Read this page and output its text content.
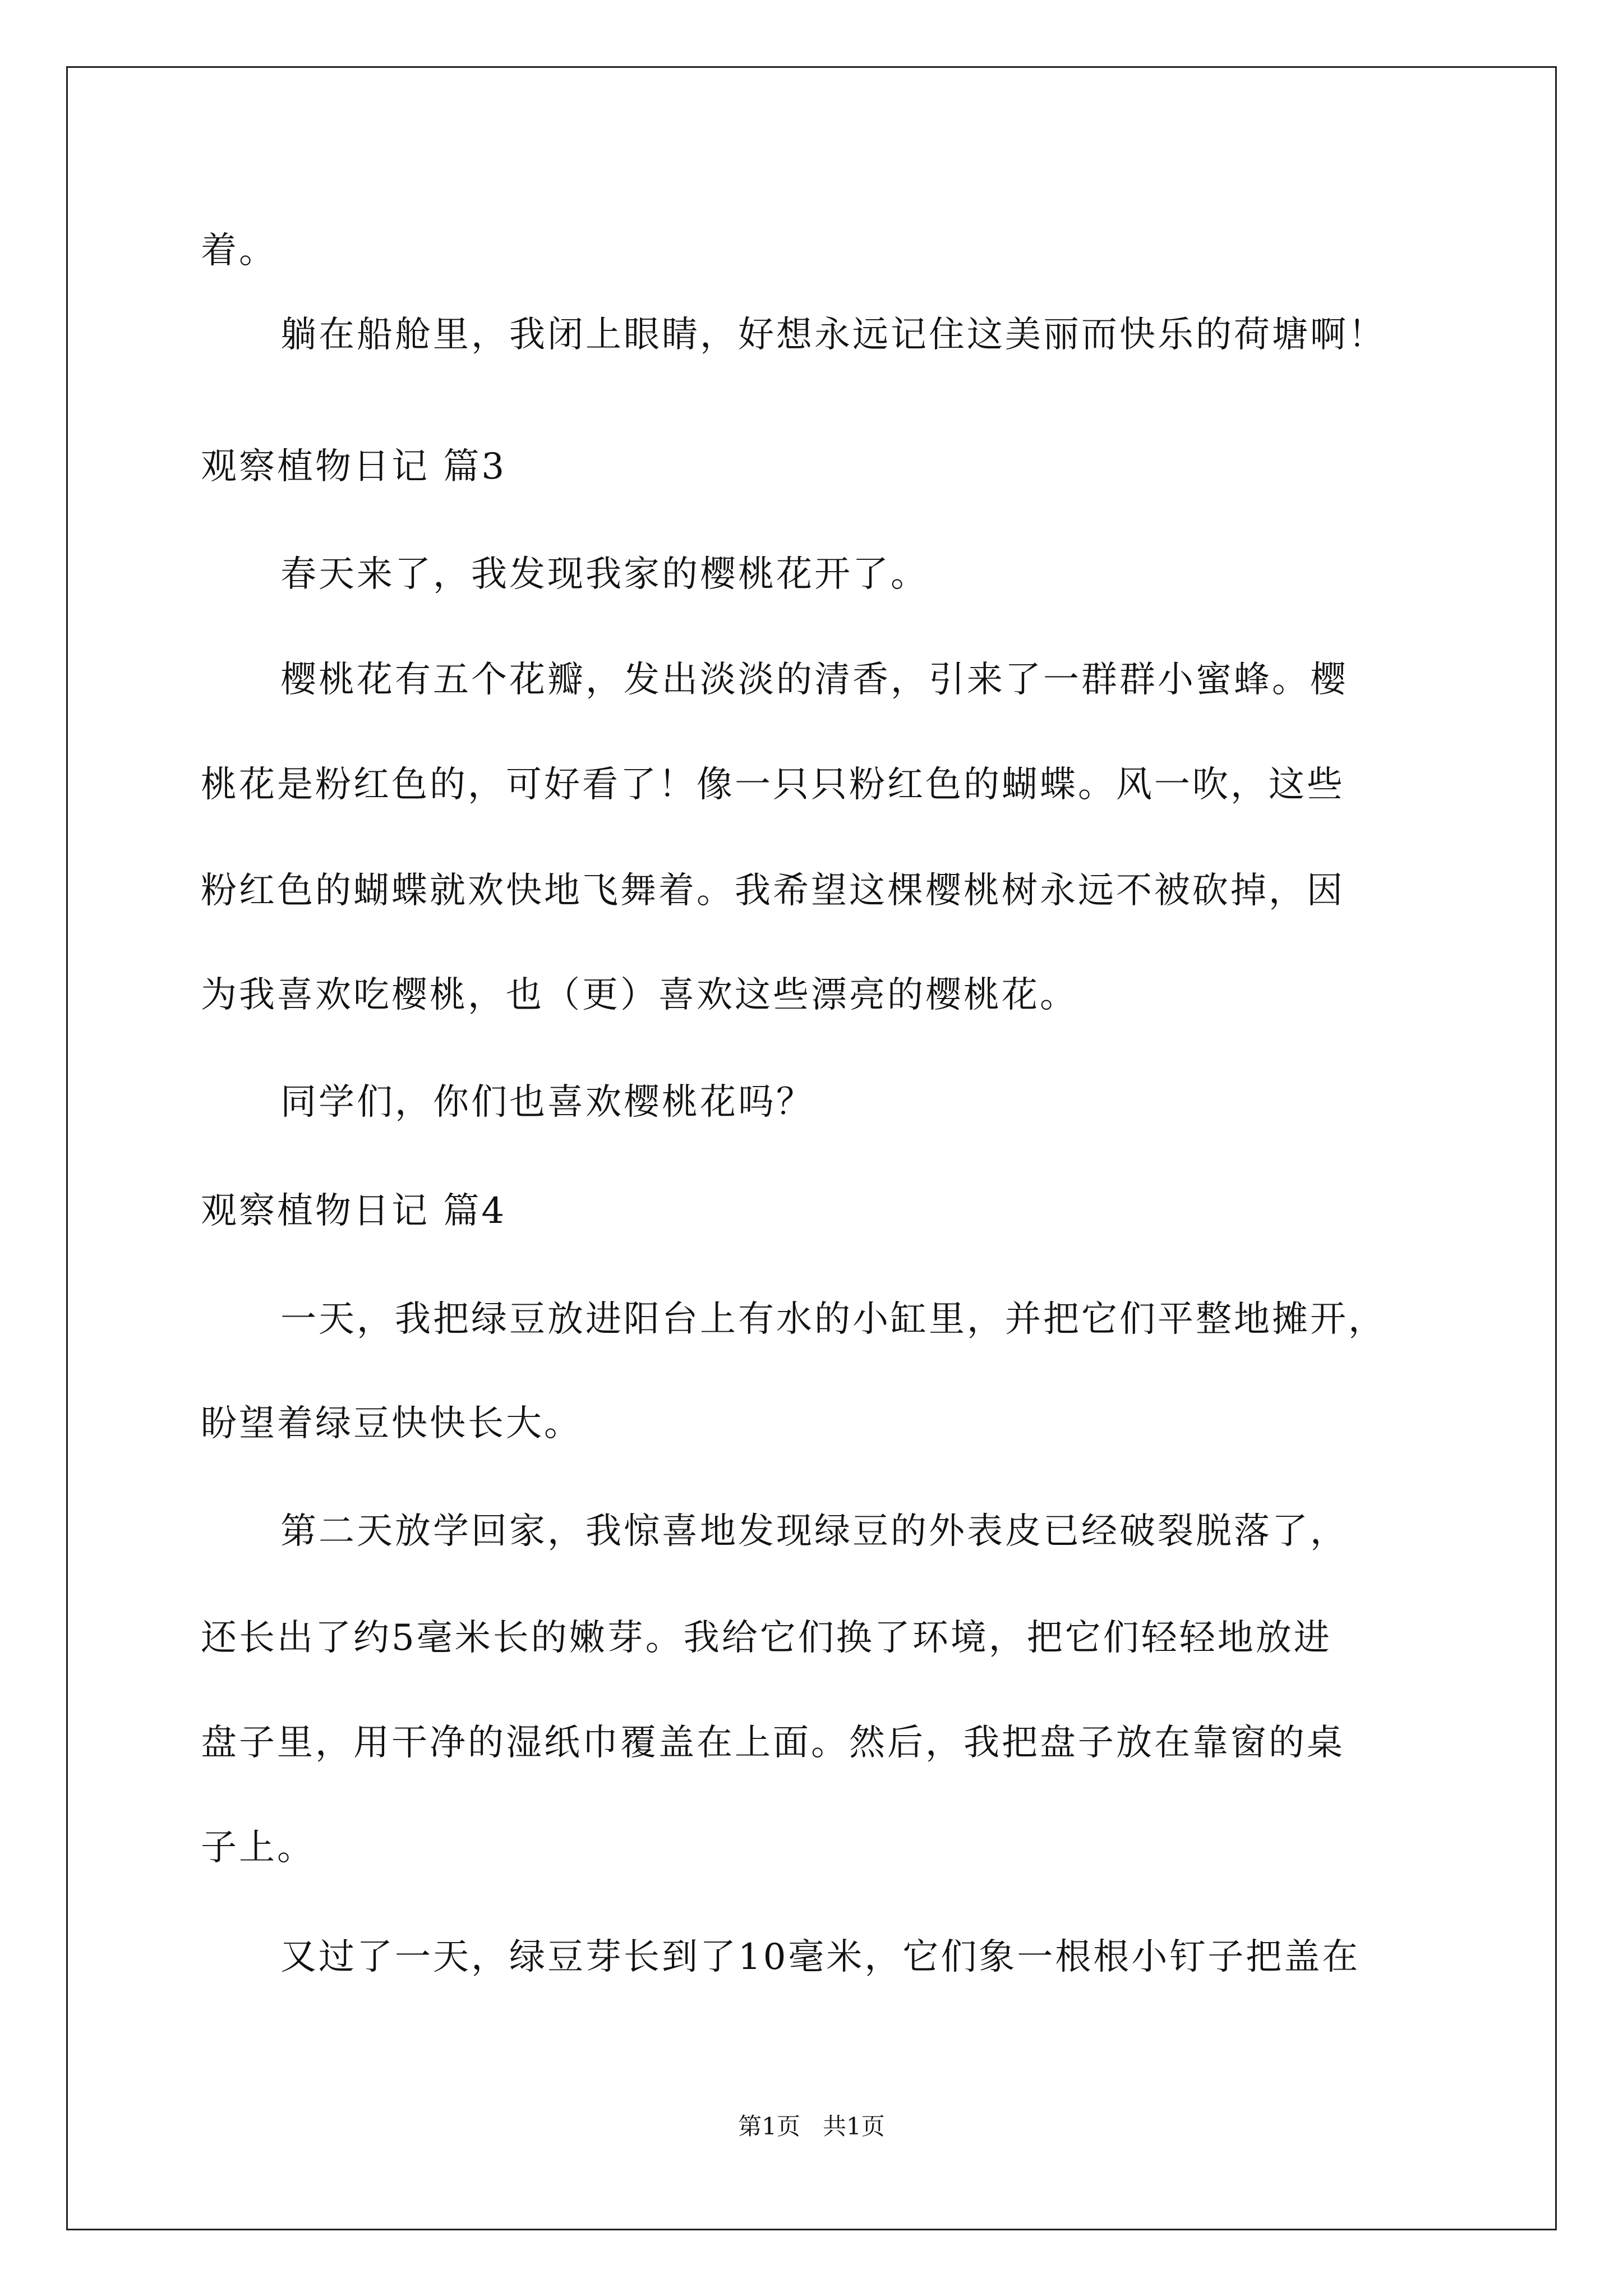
着。
躺在船舱里，我闭上眼睛，好想永远记住这美丽而快乐的荷塘啊！
观察植物日记 篇3
春天来了，我发现我家的樱桃花开了。
樱桃花有五个花瓣，发出淡淡的清香，引来了一群群小蜜蜂。樱
桃花是粉红色的，可好看了！像一只只粉红色的蝴蝶。风一吹，这些
粉红色的蝴蝶就欢快地飞舞着。我希望这棵樱桃树永远不被砍掉，因
为我喜欢吃樱桃，也（更）喜欢这些漂亮的樱桃花。
同学们，你们也喜欢樱桃花吗？
观察植物日记 篇4
一天，我把绿豆放进阳台上有水的小缸里，并把它们平整地摊开，
盼望着绿豆快快长大。
第二天放学回家，我惊喜地发现绿豆的外表皮已经破裂脱落了，
还长出了约5毫米长的嫩芽。我给它们换了环境，把它们轻轻地放进
盘子里，用干净的湿纸巾覆盖在上面。然后，我把盘子放在靠窗的桌
子上。
又过了一天，绿豆芽长到了10毫米，它们象一根根小钉子把盖在
第1页   共1页
